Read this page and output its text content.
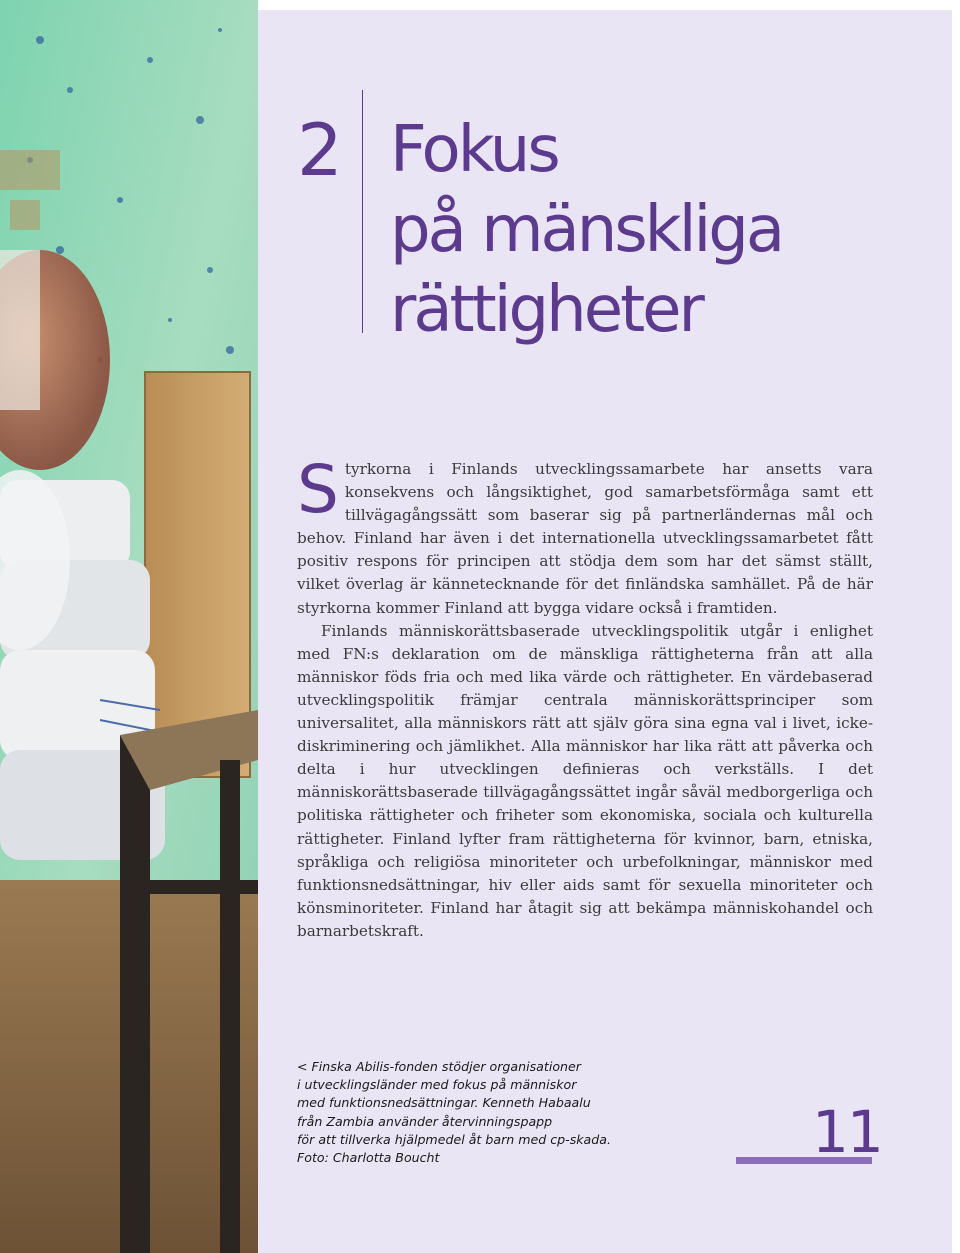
2 Fokus
på mänskliga
rättigheter

Styrkorna i Finlands utvecklingssamarbete har ansetts vara konsekvens och långsiktighet, god samarbetsförmåga samt ett tillvägagångssätt som baserar sig på partnerländernas mål och behov. Finland har även i det internationella utvecklingssamarbetet fått positiv respons för principen att stödja dem som har det sämst ställt, vilket överlag är kännetecknande för det finländska samhället. På de här styrkorna kommer Finland att bygga vidare också i framtiden.

Finlands människorättsbaserade utvecklingspolitik utgår i enlighet med FN:s deklaration om de mänskliga rättigheterna från att alla människor föds fria och med lika värde och rättigheter. En värdebaserad utvecklingspolitik främjar centrala människorättsprinciper som universalitet, alla människors rätt att själv göra sina egna val i livet, icke-diskriminering och jämlikhet. Alla människor har lika rätt att påverka och delta i hur utvecklingen definieras och verkställs. I det människorättsbaserade tillvägagångssättet ingår såväl medborgerliga och politiska rättigheter och friheter som ekonomiska, sociala och kulturella rättigheter. Finland lyfter fram rättigheterna för kvinnor, barn, etniska, språkliga och religiösa minoriteter och urbefolkningar, människor med funktionsnedsättningar, hiv eller aids samt för sexuella minoriteter och könsminoriteter. Finland har åtagit sig att bekämpa människohandel och barnarbetskraft.

< Finska Abilis-fonden stödjer organisationer
i utvecklingsländer med fokus på människor
med funktionsnedsättningar. Kenneth Habaalu
från Zambia använder återvinningspapp
för att tillverka hjälpmedel åt barn med cp-skada.
Foto: Charlotta Boucht	11
